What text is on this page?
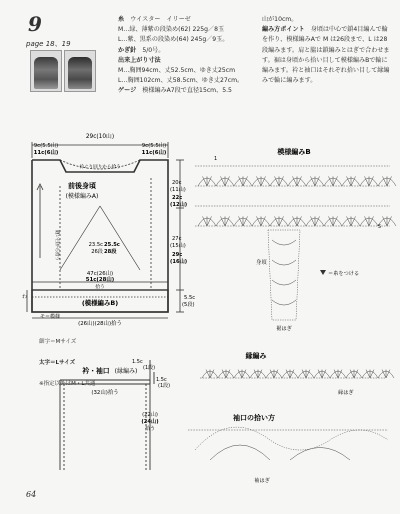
9
page 18、19
糸　 ウイスター　イリーゼ
M…緑、薄紫の段染め(62) 225g／8玉
L…紫、黒系の段染め(64) 245g／9玉。
かぎ針　 5/0号。
出来上がり寸法
M…胸囲94cm、丈52.5cm、ゆき丈25cm
L…胸囲102cm、丈58.5cm、ゆき丈27cm。
ゲージ　 模様編みA7段で直径15cm、5.5
山が10cm。
編み方ポイント　 身頃は中心で鎖4目編んで輪を作り、模様編みAで M は26段まで、L は28段編みます。肩と脇は鎖編みとはぎで合わせます。裾は身頃から拾い目して模様編みBで輪に編みます。衿と袖口はそれぞれ拾い目して縁編みで輪に編みます。
29c(10山)
9c(5.5山)
11c(6山)
9c(5.5山)
11c(6山)
衿ぐり回りから拾う
前後身頃
(模様編みA)
20c
(11山)
22c
(12山)
27c
(15山)
29c
(16山)
23.5c 25.5c
26段 28段
47c(26山)
51c(28山)
拾う
縫い目から拾う
(模様編みB)
5.5c
(5段)
(26山)(28山)拾う
わ
モ＝模様
衿・袖口 (縁編み)
1.5c
(1段)
1.5c
(1段)
(32山)拾う
(22山)
(24山)
拾う
模様編みB
1
5
身頃
裾はぎ
＝糸をつける
縁編み
縁はぎ
袖口の拾い方
袖はぎ

細字＝Mサイズ

太字＝Lサイズ

※指定以外はM・L共通

64
